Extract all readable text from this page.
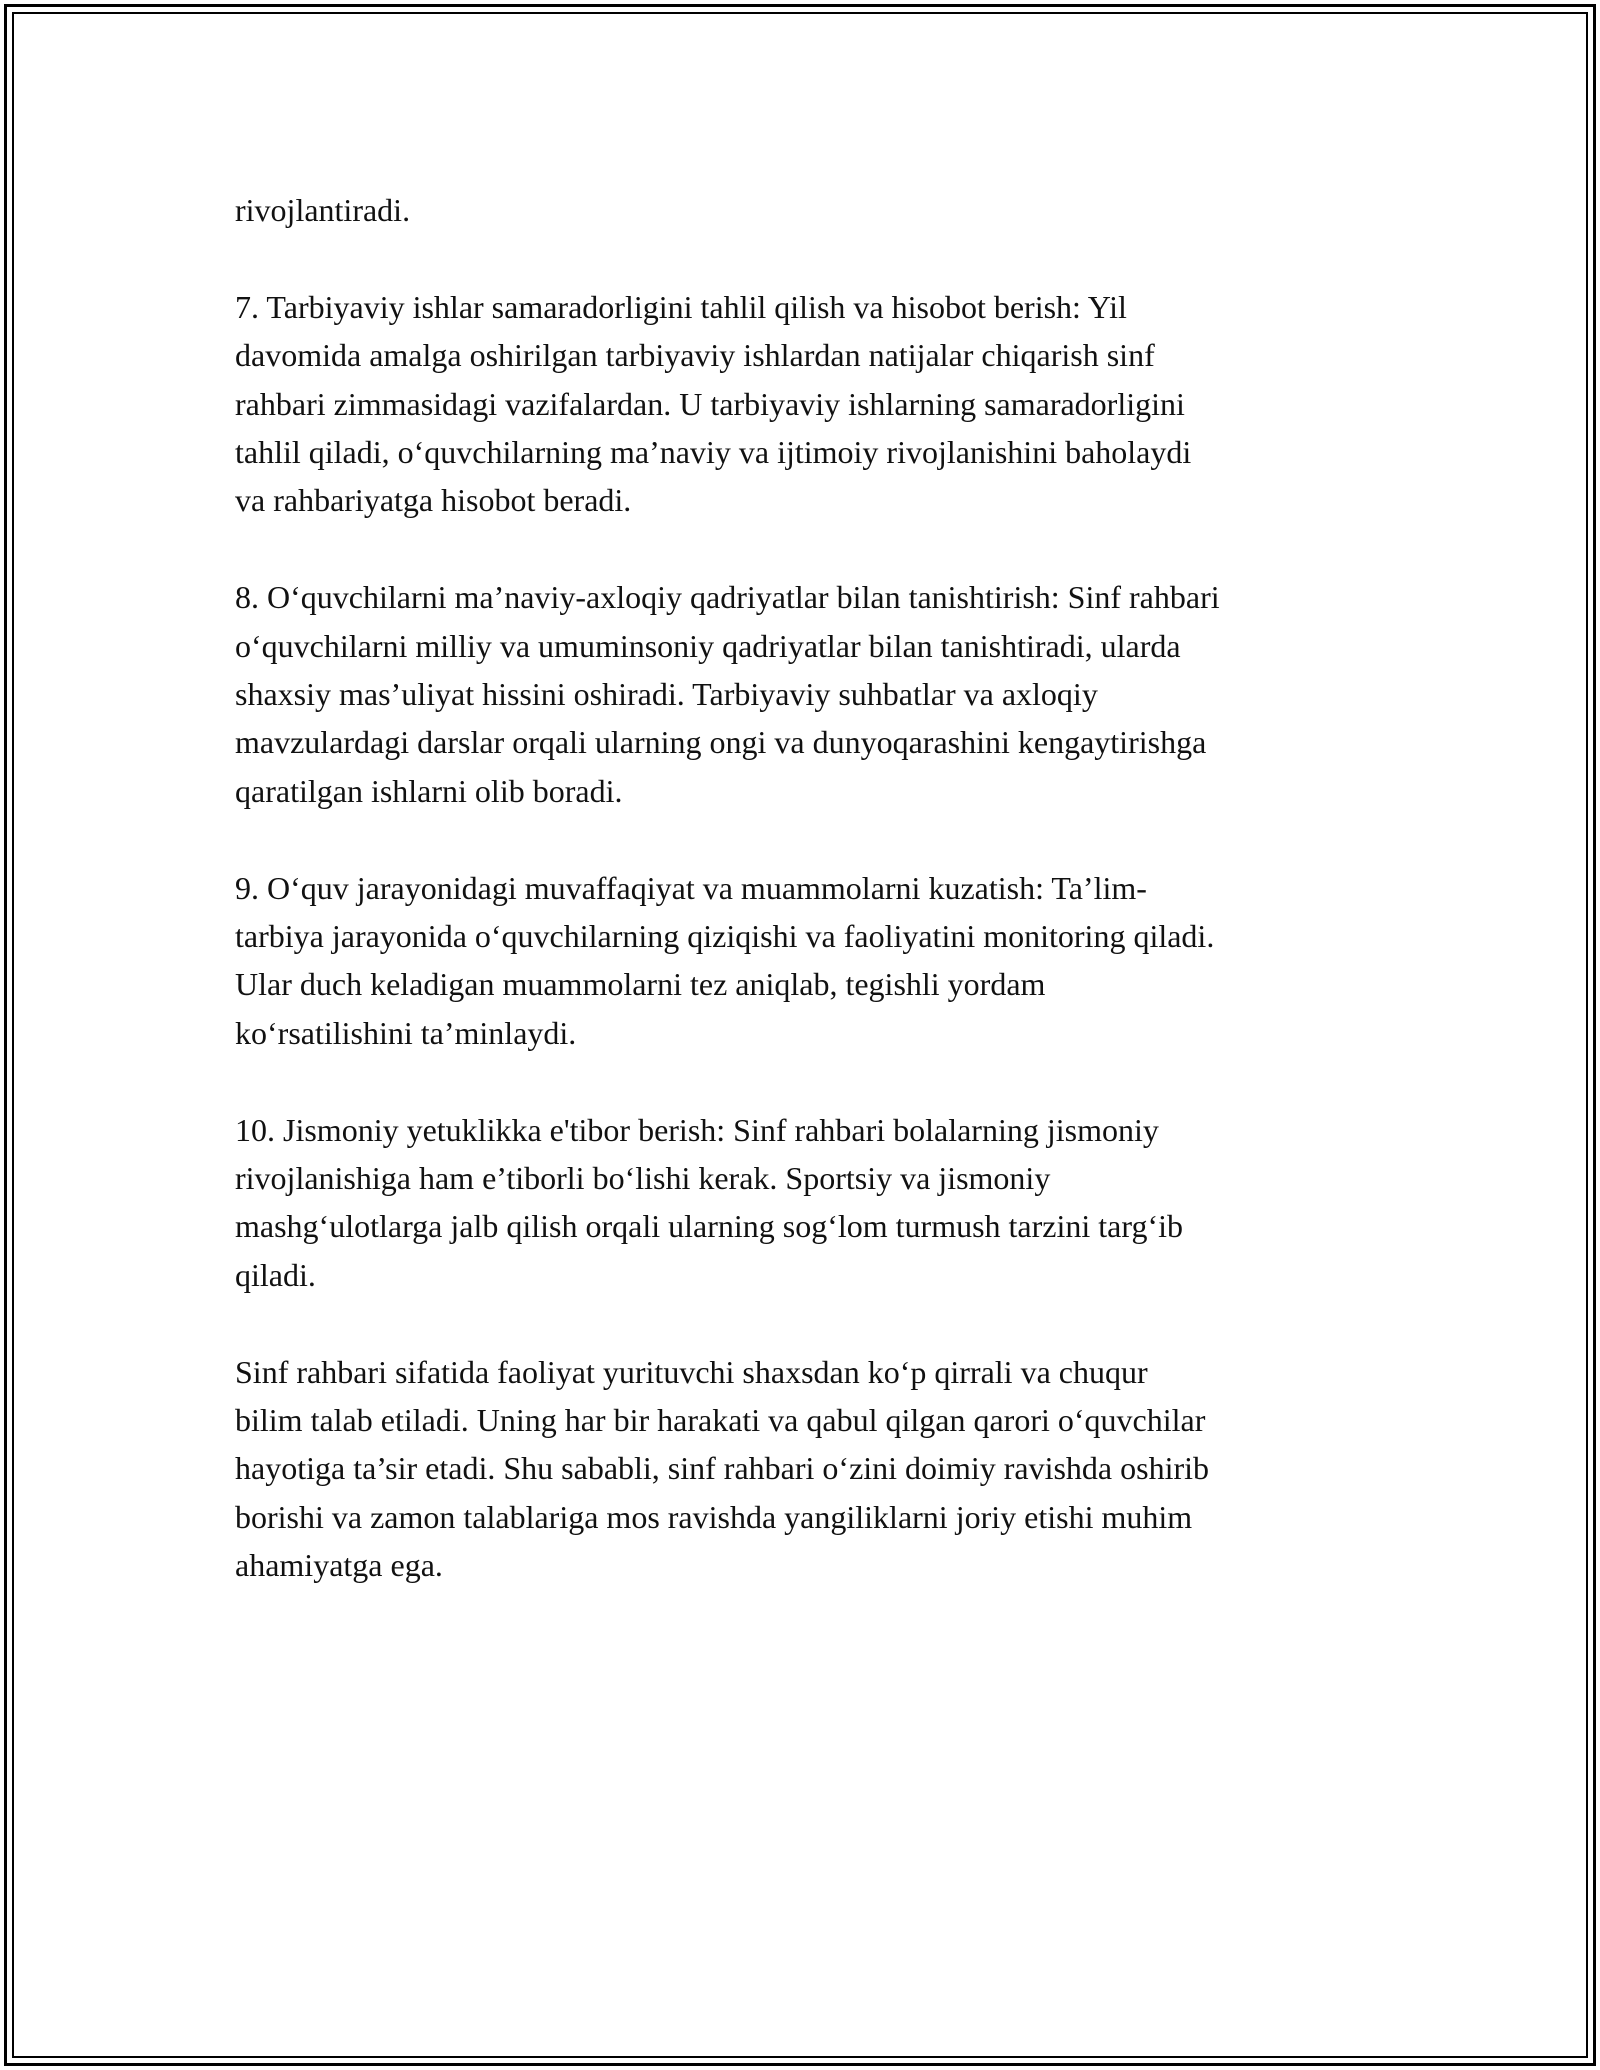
rivojlantiradi.

7. Tarbiyaviy ishlar samaradorligini tahlil qilish va hisobot berish: Yil
davomida amalga oshirilgan tarbiyaviy ishlardan natijalar chiqarish sinf
rahbari zimmasidagi vazifalardan. U tarbiyaviy ishlarning samaradorligini
tahlil qiladi, o‘quvchilarning ma’naviy va ijtimoiy rivojlanishini baholaydi
va rahbariyatga hisobot beradi.

8. O‘quvchilarni ma’naviy-axloqiy qadriyatlar bilan tanishtirish: Sinf rahbari
o‘quvchilarni milliy va umuminsoniy qadriyatlar bilan tanishtiradi, ularda
shaxsiy mas’uliyat hissini oshiradi. Tarbiyaviy suhbatlar va axloqiy
mavzulardagi darslar orqali ularning ongi va dunyoqarashini kengaytirishga
qaratilgan ishlarni olib boradi.

9. O‘quv jarayonidagi muvaffaqiyat va muammolarni kuzatish: Ta’lim-
tarbiya jarayonida o‘quvchilarning qiziqishi va faoliyatini monitoring qiladi.
Ular duch keladigan muammolarni tez aniqlab, tegishli yordam
ko‘rsatilishini ta’minlaydi.

10. Jismoniy yetuklikka e'tibor berish: Sinf rahbari bolalarning jismoniy
rivojlanishiga ham e’tiborli bo‘lishi kerak. Sportsiy va jismoniy
mashg‘ulotlarga jalb qilish orqali ularning sog‘lom turmush tarzini targ‘ib
qiladi.

Sinf rahbari sifatida faoliyat yurituvchi shaxsdan ko‘p qirrali va chuqur
bilim talab etiladi. Uning har bir harakati va qabul qilgan qarori o‘quvchilar
hayotiga ta’sir etadi. Shu sababli, sinf rahbari o‘zini doimiy ravishda oshirib
borishi va zamon talablariga mos ravishda yangiliklarni joriy etishi muhim
ahamiyatga ega.
